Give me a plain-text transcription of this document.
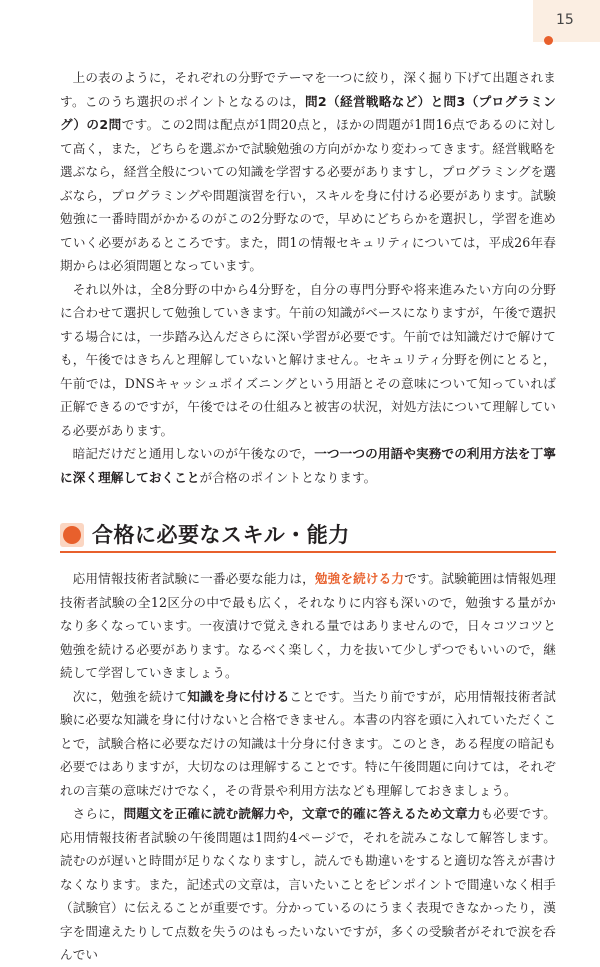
15

上の表のように，それぞれの分野でテーマを一つに絞り，深く掘り下げて出題されます。このうち選択のポイントとなるのは，問2（経営戦略など）と問3（プログラミング）の2問です。この2問は配点が1問20点と，ほかの問題が1問16点であるのに対して高く，また，どちらを選ぶかで試験勉強の方向がかなり変わってきます。経営戦略を選ぶなら，経営全般についての知識を学習する必要がありますし，プログラミングを選ぶなら，プログラミングや問題演習を行い，スキルを身に付ける必要があります。試験勉強に一番時間がかかるのがこの2分野なので，早めにどちらかを選択し，学習を進めていく必要があるところです。また，問1の情報セキュリティについては，平成26年春期からは必須問題となっています。

それ以外は，全8分野の中から4分野を，自分の専門分野や将来進みたい方向の分野に合わせて選択して勉強していきます。午前の知識がベースになりますが，午後で選択する場合には，一歩踏み込んださらに深い学習が必要です。午前では知識だけで解けても，午後ではきちんと理解していないと解けません。セキュリティ分野を例にとると，午前では，DNSキャッシュポイズニングという用語とその意味について知っていれば正解できるのですが，午後ではその仕組みと被害の状況，対処方法について理解している必要があります。

暗記だけだと通用しないのが午後なので，一つ一つの用語や実務での利用方法を丁寧に深く理解しておくことが合格のポイントとなります。

合格に必要なスキル・能力

応用情報技術者試験に一番必要な能力は，勉強を続ける力です。試験範囲は情報処理技術者試験の全12区分の中で最も広く，それなりに内容も深いので，勉強する量がかなり多くなっています。一夜漬けで覚えきれる量ではありませんので，日々コツコツと勉強を続ける必要があります。なるべく楽しく，力を抜いて少しずつでもいいので，継続して学習していきましょう。

次に，勉強を続けて知識を身に付けることです。当たり前ですが，応用情報技術者試験に必要な知識を身に付けないと合格できません。本書の内容を頭に入れていただくことで，試験合格に必要なだけの知識は十分身に付きます。このとき，ある程度の暗記も必要ではありますが，大切なのは理解することです。特に午後問題に向けては，それぞれの言葉の意味だけでなく，その背景や利用方法なども理解しておきましょう。

さらに，問題文を正確に読む読解力や，文章で的確に答えるため文章力も必要です。応用情報技術者試験の午後問題は1問約4ページで，それを読みこなして解答します。読むのが遅いと時間が足りなくなりますし，読んでも勘違いをすると適切な答えが書けなくなります。また，記述式の文章は，言いたいことをピンポイントで間違いなく相手（試験官）に伝えることが重要です。分かっているのにうまく表現できなかったり，漢字を間違えたりして点数を失うのはもったいないですが，多くの受験者がそれで涙を呑んでい
